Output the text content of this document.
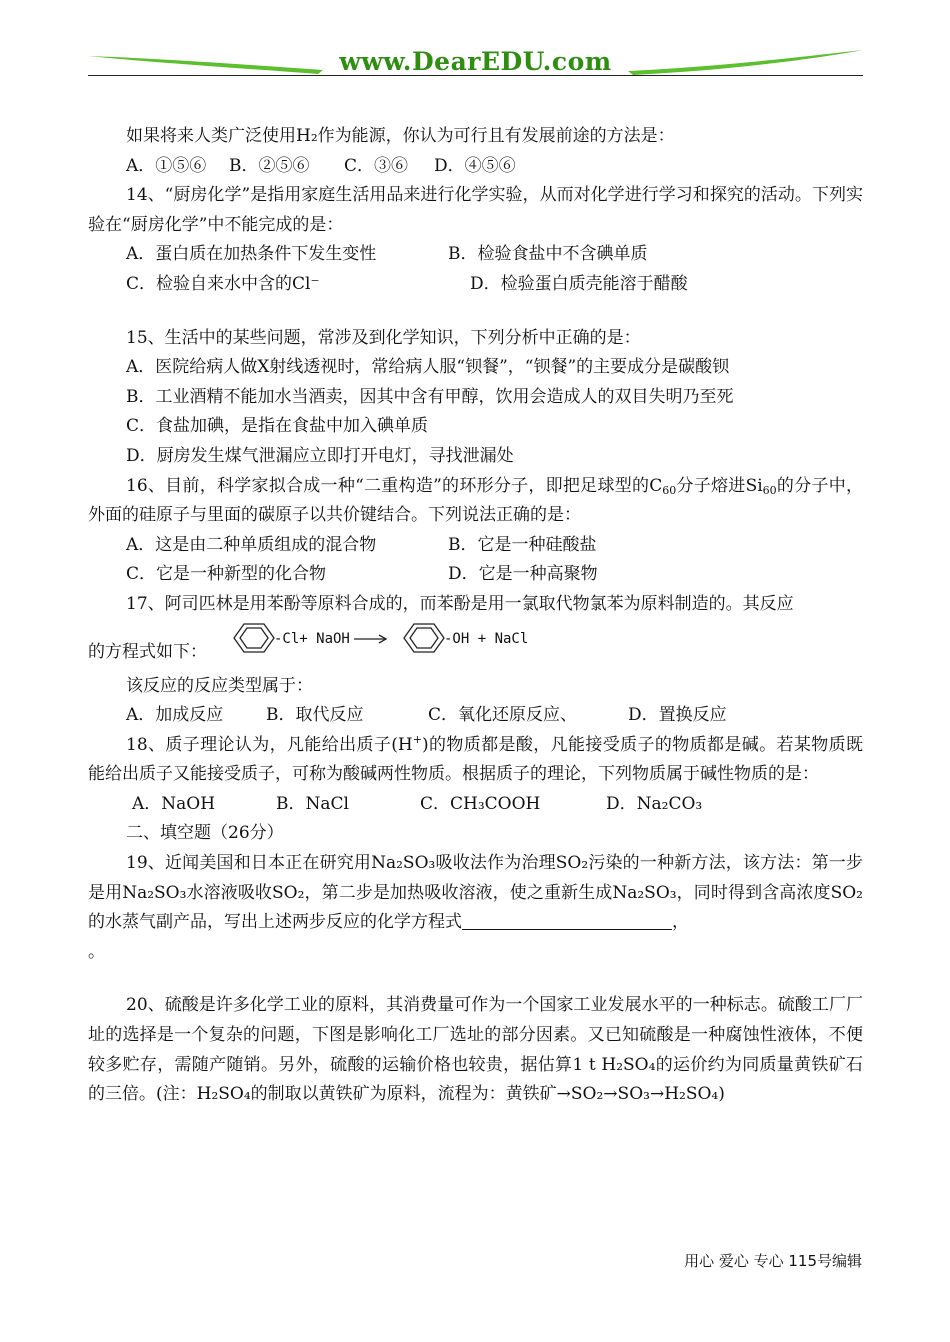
www.DearEDU.com
如果将来人类广泛使用H₂作为能源，你认为可行且有发展前途的方法是：
A．①⑤⑥ B．②⑤⑥ C．③⑥ D．④⑤⑥
14、“厨房化学”是指用家庭生活用品来进行化学实验，从而对化学进行学习和探究的活动。下列实验在“厨房化学”中不能完成的是：
A．蛋白质在加热条件下发生变性	B．检验食盐中不含碘单质
C．检验自来水中含的Cl⁻	D．检验蛋白质壳能溶于醋酸
15、生活中的某些问题，常涉及到化学知识，下列分析中正确的是：
A．医院给病人做X射线透视时，常给病人服“钡餐”，“钡餐”的主要成分是碳酸钡
B．工业酒精不能加水当酒卖，因其中含有甲醇，饮用会造成人的双目失明乃至死
C．食盐加碘，是指在食盐中加入碘单质
D．厨房发生煤气泄漏应立即打开电灯，寻找泄漏处
16、目前，科学家拟合成一种“二重构造”的环形分子，即把足球型的$C_{60}$分子熔进$Si_{60}$的分子中，外面的硅原子与里面的碳原子以共价键结合。下列说法正确的是：
A．这是由二种单质组成的混合物	B．它是一种硅酸盐
C．它是一种新型的化合物	D．它是一种高聚物
17、阿司匹林是用苯酚等原料合成的，而苯酚是用一氯取代物氯苯为原料制造的。其反应
的方程式如下：
-Cl+ NaOH	-OH + NaCl
该反应的反应类型属于：
A．加成反应	B．取代反应	C．氧化还原反应、	D．置换反应
18、质子理论认为，凡能给出质子(H+)的物质都是酸，凡能接受质子的物质都是碱。若某物质既能给出质子又能接受质子，可称为酸碱两性物质。根据质子的理论，下列物质属于碱性物质的是：
A．NaOH	B．NaCl	C．CH₃COOH	D．Na₂CO₃
二、填空题（26分）
19、近闻美国和日本正在研究用Na₂SO₃吸收法作为治理SO₂污染的一种新方法，该方法：第一步是用Na₂SO₃水溶液吸收SO₂，第二步是加热吸收溶液，使之重新生成Na₂SO₃，同时得到含高浓度SO₂的水蒸气副产品，写出上述两步反应的化学方程式	，
。
20、硫酸是许多化学工业的原料，其消费量可作为一个国家工业发展水平的一种标志。硫酸工厂厂址的选择是一个复杂的问题，下图是影响化工厂选址的部分因素。又已知硫酸是一种腐蚀性液体，不便较多贮存，需随产随销。另外，硫酸的运输价格也较贵，据估算1 t H₂SO₄的运价约为同质量黄铁矿石的三倍。(注：H₂SO₄的制取以黄铁矿为原料，流程为：黄铁矿→SO₂→SO₃→H₂SO₄)
用心 爱心 专心 115号编辑
